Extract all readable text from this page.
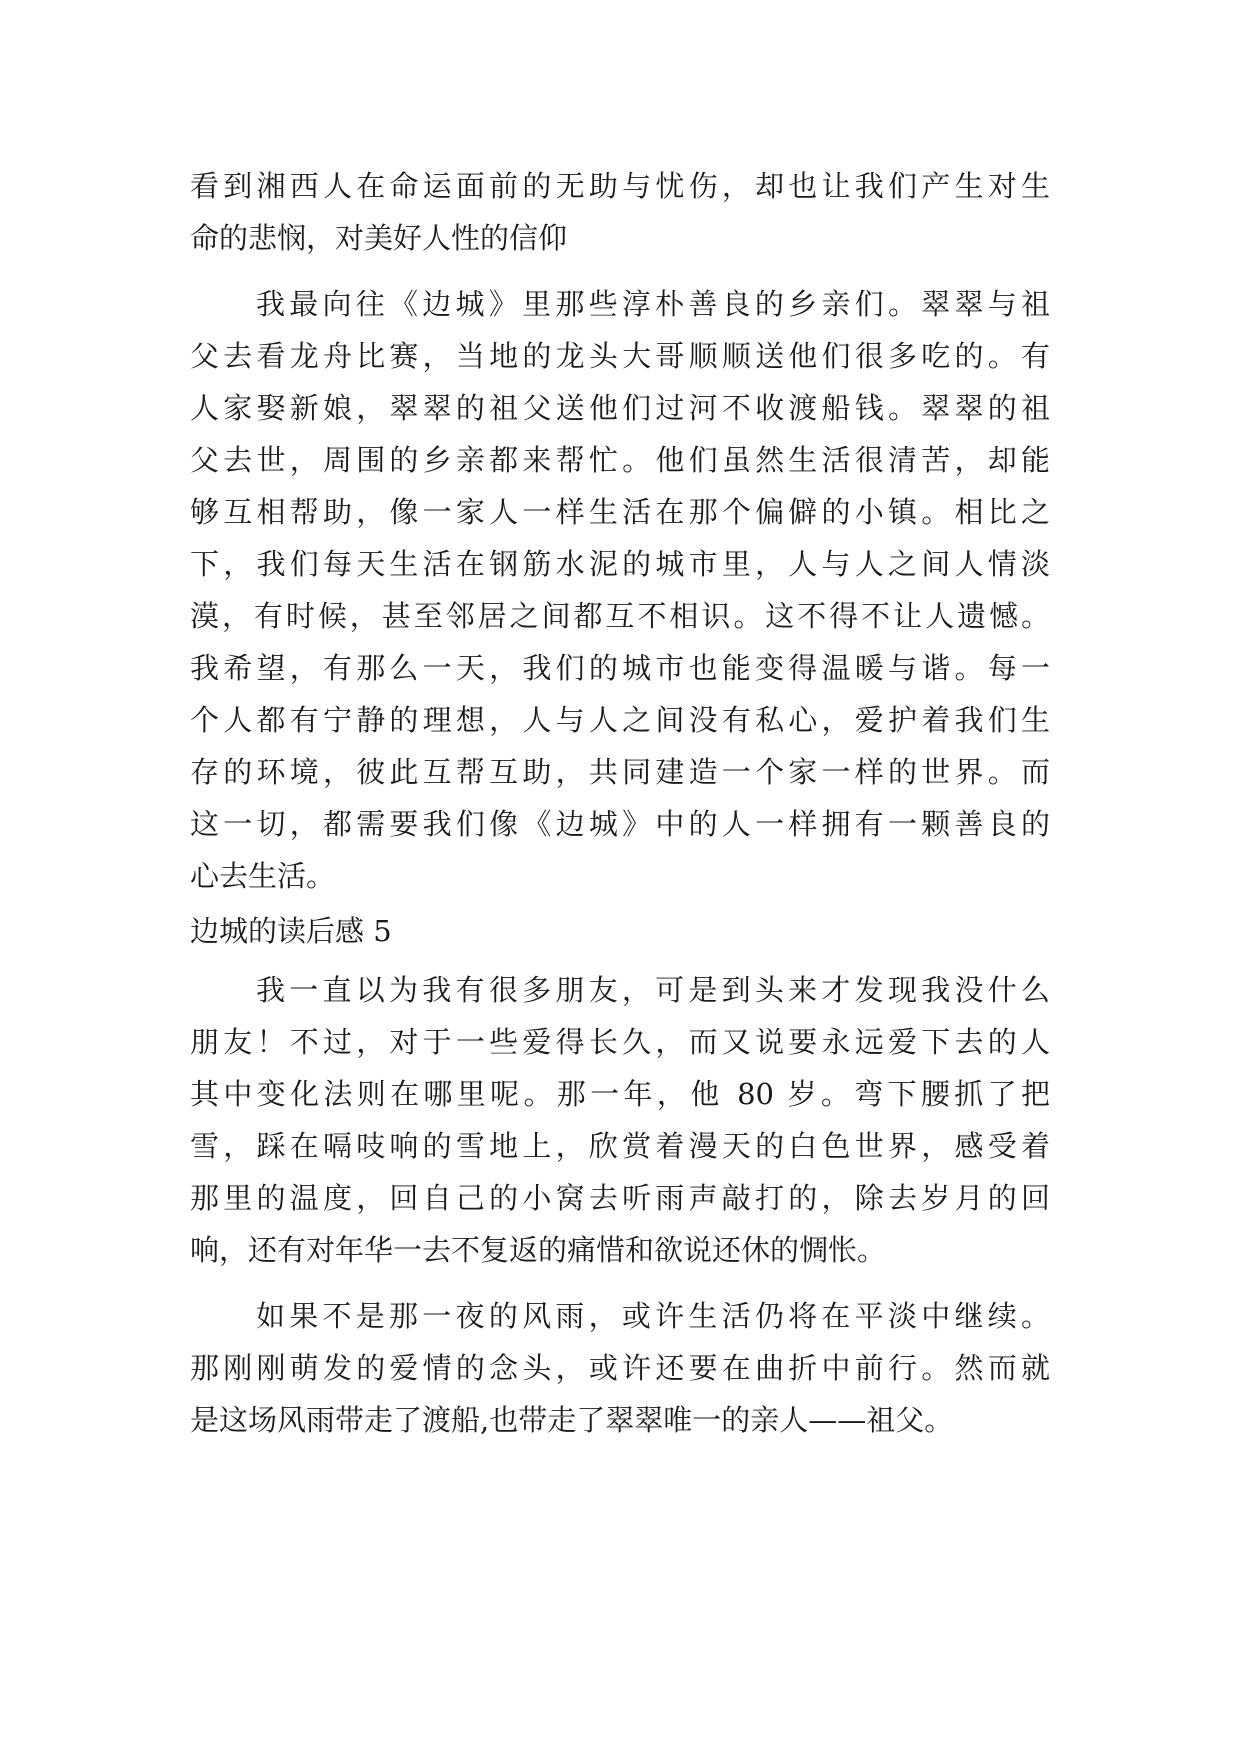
看到湘西人在命运面前的无助与忧伤，却也让我们产生对生
命的悲悯，对美好人性的信仰
我最向往《边城》里那些淳朴善良的乡亲们。翠翠与祖
父去看龙舟比赛，当地的龙头大哥顺顺送他们很多吃的。有
人家娶新娘，翠翠的祖父送他们过河不收渡船钱。翠翠的祖
父去世，周围的乡亲都来帮忙。他们虽然生活很清苦，却能
够互相帮助，像一家人一样生活在那个偏僻的小镇。相比之
下，我们每天生活在钢筋水泥的城市里，人与人之间人情淡
漠，有时候，甚至邻居之间都互不相识。这不得不让人遗憾。
我希望，有那么一天，我们的城市也能变得温暖与谐。每一
个人都有宁静的理想，人与人之间没有私心，爱护着我们生
存的环境，彼此互帮互助，共同建造一个家一样的世界。而
这一切，都需要我们像《边城》中的人一样拥有一颗善良的
心去生活。
边城的读后感 5
我一直以为我有很多朋友，可是到头来才发现我没什么
朋友！不过，对于一些爱得长久，而又说要永远爱下去的人
其中变化法则在哪里呢。那一年，他 80 岁。弯下腰抓了把
雪，踩在嗝吱响的雪地上，欣赏着漫天的白色世界，感受着
那里的温度，回自己的小窝去听雨声敲打的，除去岁月的回
响，还有对年华一去不复返的痛惜和欲说还休的惆怅。
如果不是那一夜的风雨，或许生活仍将在平淡中继续。
那刚刚萌发的爱情的念头，或许还要在曲折中前行。然而就
是这场风雨带走了渡船,也带走了翠翠唯一的亲人——祖父。
